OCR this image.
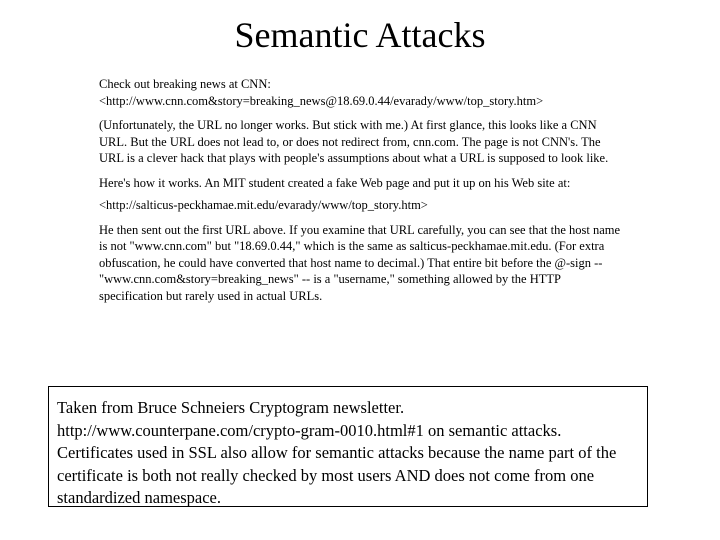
Semantic Attacks

Check out breaking news at CNN: <http://www.cnn.com&story=breaking_news@18.69.0.44/evarady/www/top_story.htm>

(Unfortunately, the URL no longer works. But stick with me.) At first glance, this looks like a CNN URL. But the URL does not lead to, or does not redirect from, cnn.com. The page is not CNN's. The URL is a clever hack that plays with people's assumptions about what a URL is supposed to look like.

Here's how it works. An MIT student created a fake Web page and put it up on his Web site at:

<http://salticus-peckhamae.mit.edu/evarady/www/top_story.htm>

He then sent out the first URL above. If you examine that URL carefully, you can see that the host name is not "www.cnn.com" but "18.69.0.44," which is the same as salticus-peckhamae.mit.edu. (For extra obfuscation, he could have converted that host name to decimal.) That entire bit before the @-sign -- "www.cnn.com&story=breaking_news" -- is a "username," something allowed by the HTTP specification but rarely used in actual URLs.

Taken from Bruce Schneiers Cryptogram newsletter. http://www.counterpane.com/crypto-gram-0010.html#1 on semantic attacks. Certificates used in SSL also allow for semantic attacks because the name part of the certificate is both not really checked by most users AND does not come from one standardized namespace.
